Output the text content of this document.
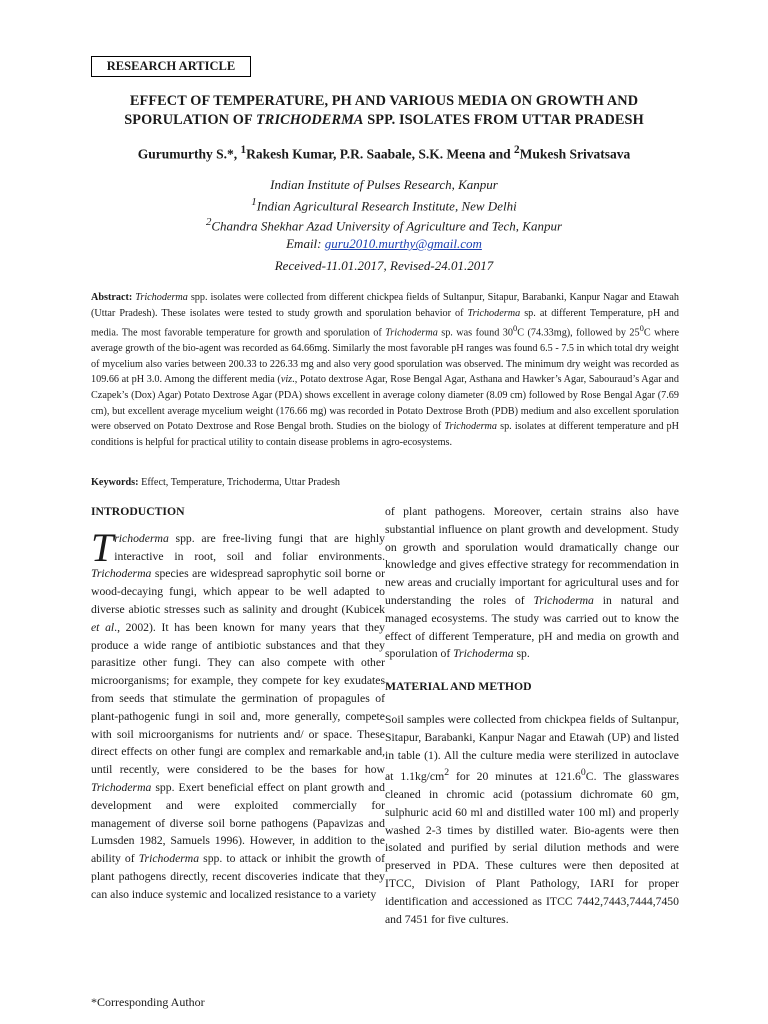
RESEARCH ARTICLE
EFFECT OF TEMPERATURE, PH AND VARIOUS MEDIA ON GROWTH AND
SPORULATION OF TRICHODERMA SPP. ISOLATES FROM UTTAR PRADESH
Gurumurthy S.*, $^1$Rakesh Kumar, P.R. Saabale, S.K. Meena and $^2$Mukesh Srivatsava
Indian Institute of Pulses Research, Kanpur
$^1$Indian Agricultural Research Institute, New Delhi
$^2$Chandra Shekhar Azad University of Agriculture and Tech, Kanpur
Email: guru2010.murthy@gmail.com
Received-11.01.2017, Revised-24.01.2017
Abstract: Trichoderma spp. isolates were collected from different chickpea fields of Sultanpur, Sitapur, Barabanki, Kanpur Nagar and Etawah (Uttar Pradesh). These isolates were tested to study growth and sporulation behavior of Trichoderma sp. at different Temperature, pH and media. The most favorable temperature for growth and sporulation of Trichoderma sp. was found $30^0C$ (74.33mg), followed by $25^0C$ where average growth of the bio-agent was recorded as 64.66mg. Similarly the most favorable pH ranges was found 6.5 - 7.5 in which total dry weight of mycelium also varies between 200.33 to 226.33 mg and also very good sporulation was observed. The minimum dry weight was recorded as 109.66 at pH 3.0. Among the different media (viz., Potato dextrose Agar, Rose Bengal Agar, Asthana and Hawker’s Agar, Sabouraud’s Agar and Czapek’s (Dox) Agar) Potato Dextrose Agar (PDA) shows excellent in average colony diameter (8.09 cm) followed by Rose Bengal Agar (7.69 cm), but excellent average mycelium weight (176.66 mg) was recorded in Potato Dextrose Broth (PDB) medium and also excellent sporulation were observed on Potato Dextrose and Rose Bengal broth. Studies on the biology of Trichoderma sp. isolates at different temperature and pH conditions is helpful for practical utility to contain disease problems in agro-ecosystems.
Keywords: Effect, Temperature, Trichoderma, Uttar Pradesh

INTRODUCTION

Trichoderma spp. are free-living fungi that are highly interactive in root, soil and foliar environments. Trichoderma species are widespread saprophytic soil borne or wood-decaying fungi, which appear to be well adapted to diverse abiotic stresses such as salinity and drought (Kubicek et al., 2002). It has been known for many years that they produce a wide range of antibiotic substances and that they parasitize other fungi. They can also compete with other microorganisms; for example, they compete for key exudates from seeds that stimulate the germination of propagules of plant-pathogenic fungi in soil and, more generally, compete with soil microorganisms for nutrients and/ or space. These direct effects on other fungi are complex and remarkable and, until recently, were considered to be the bases for how Trichoderma spp. Exert beneficial effect on plant growth and development and were exploited commercially for management of diverse soil borne pathogens (Papavizas and Lumsden 1982, Samuels 1996). However, in addition to the ability of Trichoderma spp. to attack or inhibit the growth of plant pathogens directly, recent discoveries indicate that they can also induce systemic and localized resistance to a variety

of plant pathogens. Moreover, certain strains also have substantial influence on plant growth and development. Study on growth and sporulation would dramatically change our knowledge and gives effective strategy for recommendation in new areas and crucially important for agricultural uses and for understanding the roles of Trichoderma in natural and managed ecosystems. The study was carried out to know the effect of different Temperature, pH and media on growth and sporulation of Trichoderma sp.

MATERIAL AND METHOD

Soil samples were collected from chickpea fields of Sultanpur, Sitapur, Barabanki, Kanpur Nagar and Etawah (UP) and listed in table (1). All the culture media were sterilized in autoclave at $1.1kg/cm^2$ for 20 minutes at 121.6$^0$C. The glasswares cleaned in chromic acid (potassium dichromate 60 gm, sulphuric acid 60 ml and distilled water 100 ml) and properly washed 2-3 times by distilled water. Bio-agents were then isolated and purified by serial dilution methods and were preserved in PDA. These cultures were then deposited at ITCC, Division of Plant Pathology, IARI for proper identification and accessioned as ITCC 7442,7443,7444,7450 and 7451 for five cultures.

*Corresponding Author
